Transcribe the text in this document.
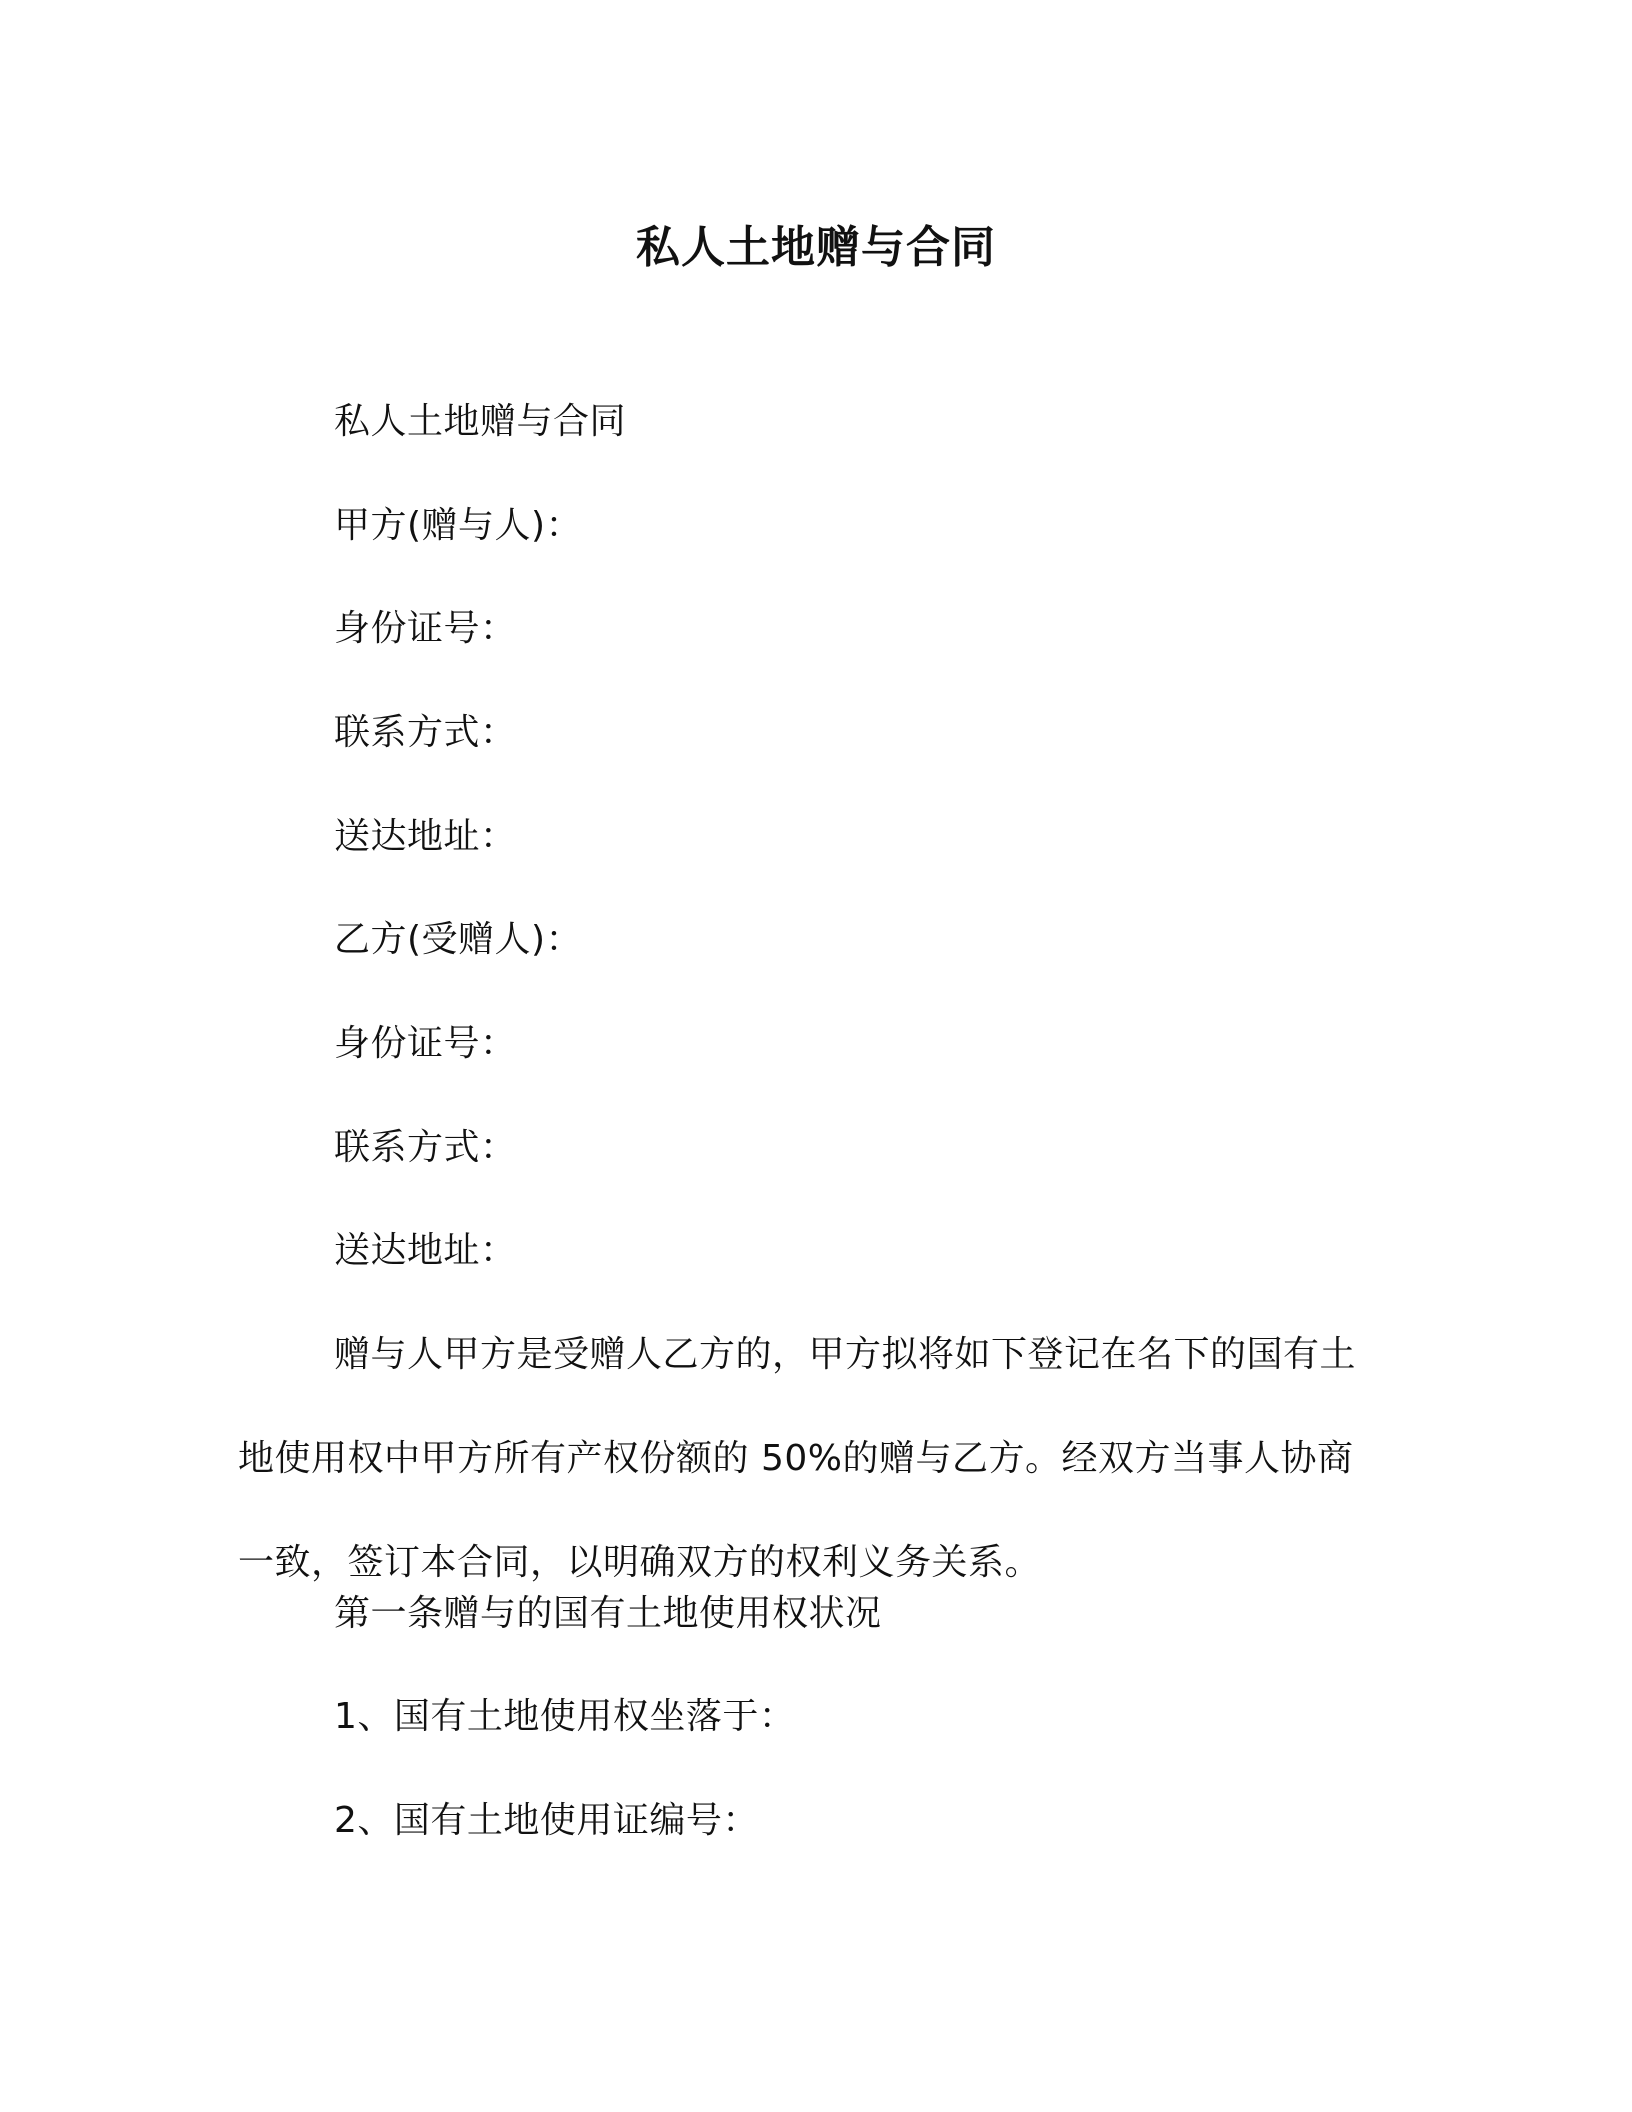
私人土地赠与合同
私人土地赠与合同
甲方(赠与人)：
身份证号：
联系方式：
送达地址：
乙方(受赠人)：
身份证号：
联系方式：
送达地址：
赠与人甲方是受赠人乙方的，甲方拟将如下登记在名下的国有土
地使用权中甲方所有产权份额的 50%的赠与乙方。经双方当事人协商
一致，签订本合同，以明确双方的权利义务关系。
第一条赠与的国有土地使用权状况
1、国有土地使用权坐落于：
2、国有土地使用证编号：
